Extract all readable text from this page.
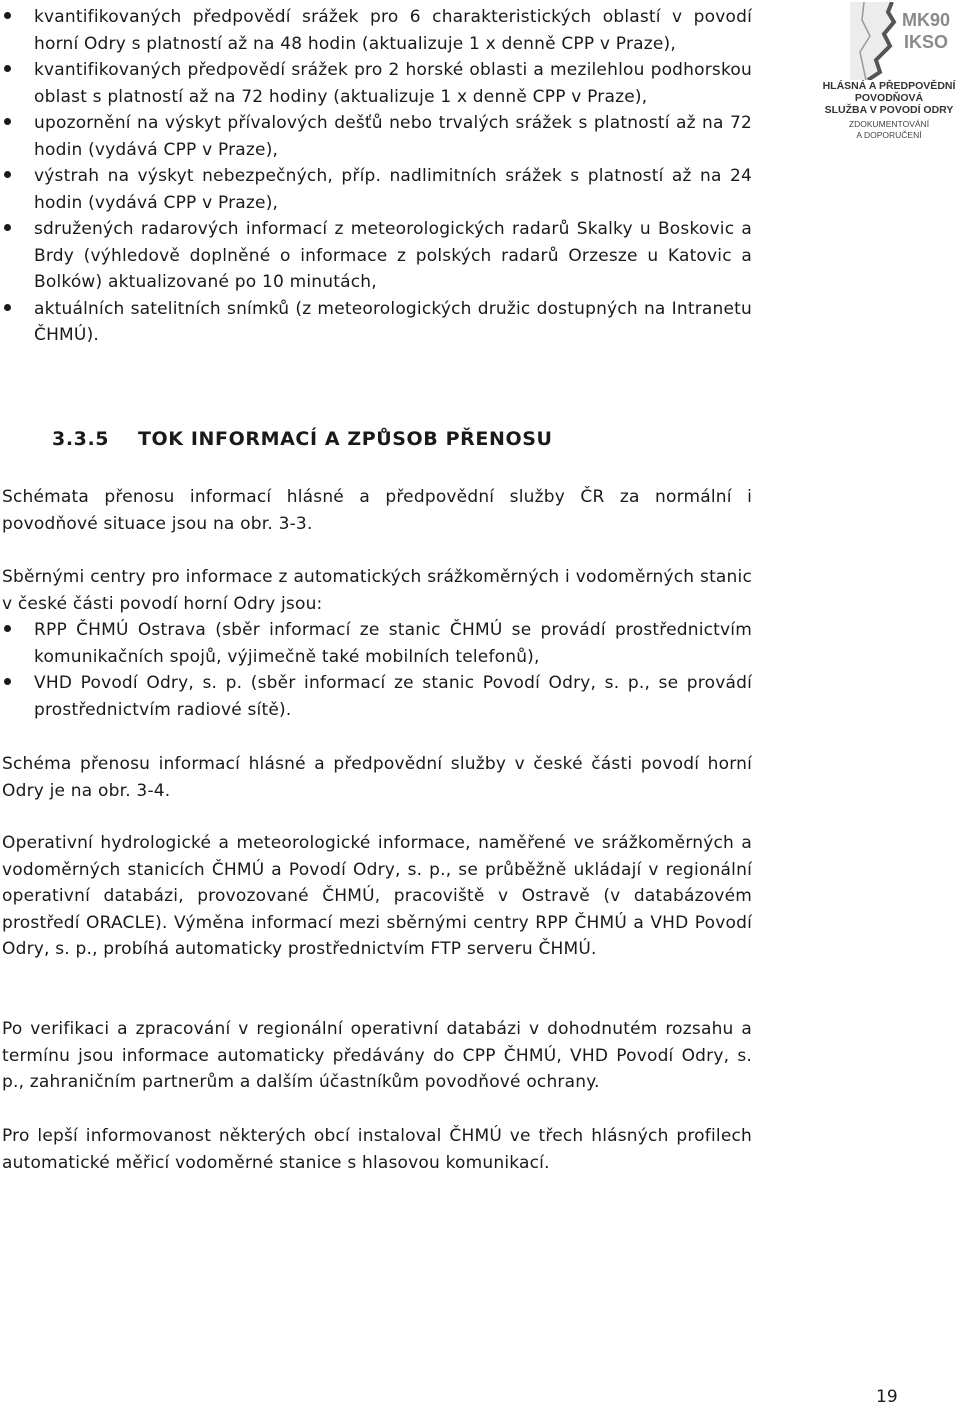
kvantifikovaných předpovědí srážek pro 6 charakteristických oblastí v povodí horní Odry s platností až na 48 hodin (aktualizuje 1 x denně CPP v Praze),
kvantifikovaných předpovědí srážek pro 2 horské oblasti a mezilehlou podhorskou oblast s platností až na 72 hodiny (aktualizuje 1 x denně CPP v Praze),
upozornění na výskyt přívalových dešťů nebo trvalých srážek s platností až na 72 hodin (vydává CPP v Praze),
výstrah na výskyt nebezpečných, příp. nadlimitních srážek s platností až na 24 hodin (vydává CPP v Praze),
sdružených radarových informací z meteorologických radarů Skalky u Boskovic a Brdy (výhledově doplněné o informace z polských radarů Orzesze u Katovic a Bolków) aktualizované po 10 minutách,
aktuálních satelitních snímků (z meteorologických družic dostupných na Intranetu ČHMÚ).
MK90
IKSO
HLÁSNÁ A PŘEDPOVĚDNÍ
POVODŇOVÁ
SLUŽBA V POVODÍ ODRY
ZDOKUMENTOVÁNÍ
A DOPORUČENÍ
3.3.5 TOK INFORMACÍ A ZPŮSOB PŘENOSU

Schémata přenosu informací hlásné a předpovědní služby ČR za normální i povodňové situace jsou na obr. 3-3.

Sběrnými centry pro informace z automatických srážkoměrných i vodoměrných stanic v české části povodí horní Odry jsou:

RPP ČHMÚ Ostrava (sběr informací ze stanic ČHMÚ se provádí prostřednictvím komunikačních spojů, výjimečně také mobilních telefonů),
VHD Povodí Odry, s. p. (sběr informací ze stanic Povodí Odry, s. p., se provádí prostřednictvím radiové sítě).

Schéma přenosu informací hlásné a předpovědní služby v české části povodí horní Odry je na obr. 3-4.

Operativní hydrologické a meteorologické informace, naměřené ve srážkoměrných a vodoměrných stanicích ČHMÚ a Povodí Odry, s. p., se průběžně ukládají v regionální operativní databázi, provozované ČHMÚ, pracoviště v Ostravě (v databázovém prostředí ORACLE). Výměna informací mezi sběrnými centry RPP ČHMÚ a VHD Povodí Odry, s. p., probíhá automaticky prostřednictvím FTP serveru ČHMÚ.

Po verifikaci a zpracování v regionální operativní databázi v dohodnutém rozsahu a termínu jsou informace automaticky předávány do CPP ČHMÚ, VHD Povodí Odry, s. p., zahraničním partnerům a dalším účastníkům povodňové ochrany.

Pro lepší informovanost některých obcí instaloval ČHMÚ ve třech hlásných profilech automatické měřicí vodoměrné stanice s hlasovou komunikací.

19
